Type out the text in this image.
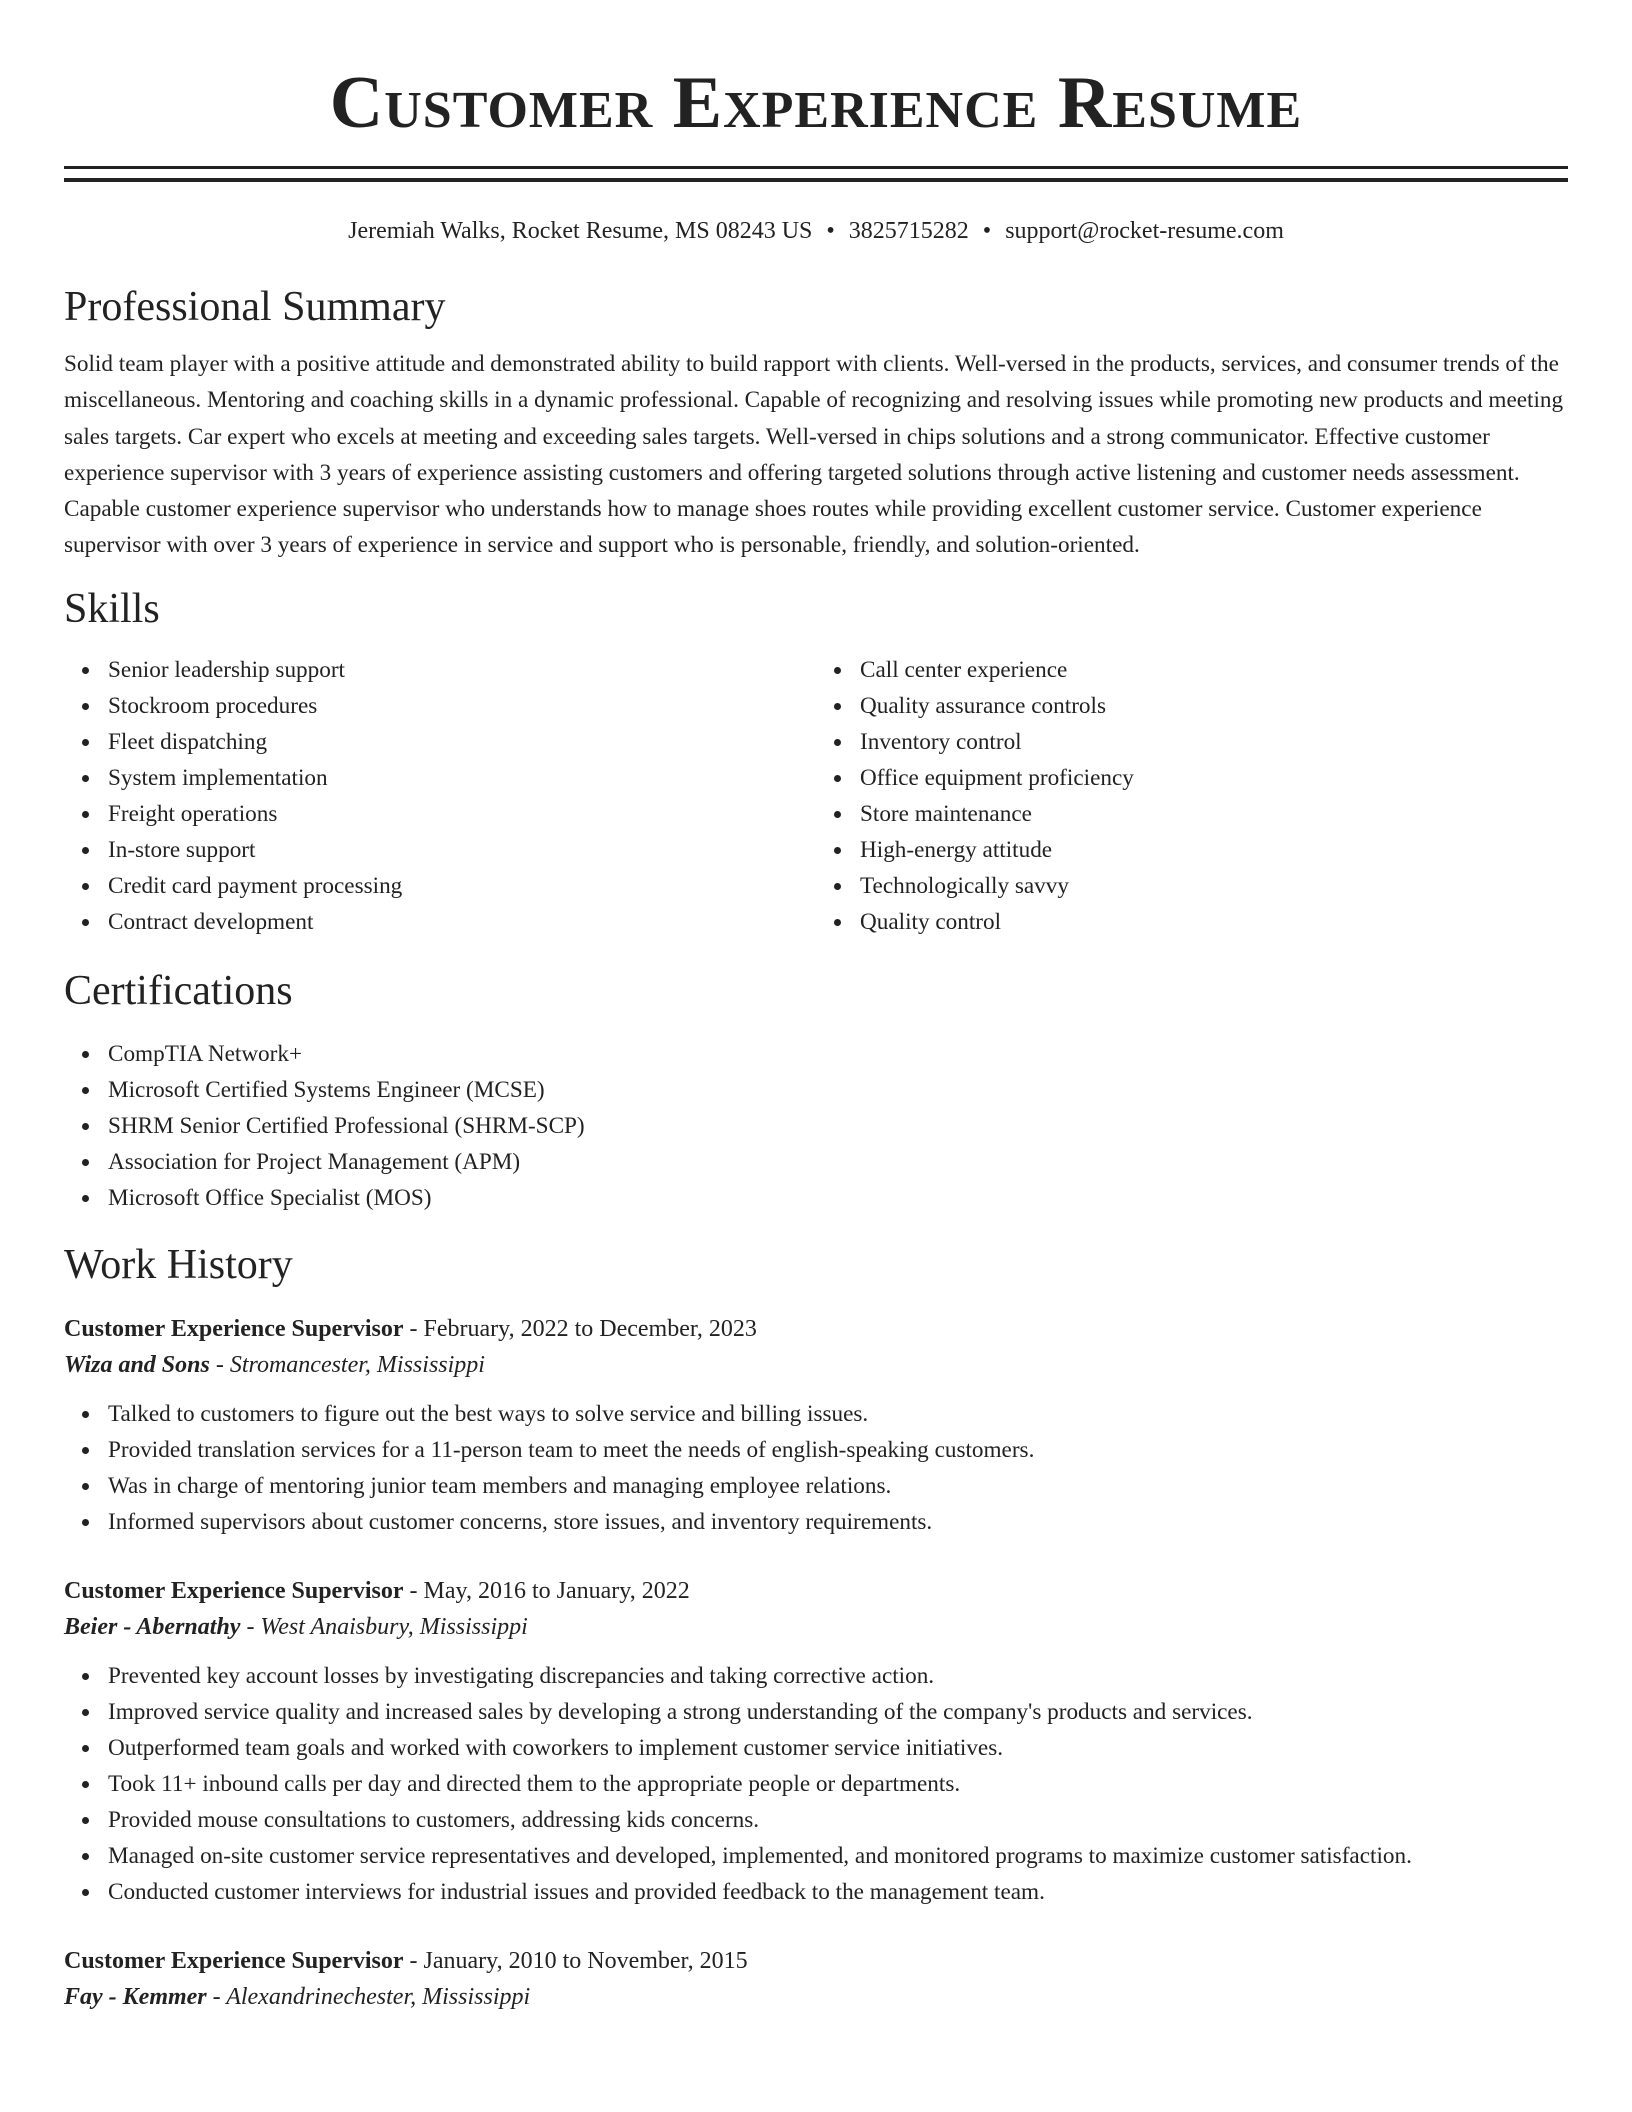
Customer Experience Resume
Jeremiah Walks, Rocket Resume, MS 08243 US • 3825715282 • support@rocket-resume.com
Professional Summary

Solid team player with a positive attitude and demonstrated ability to build rapport with clients. Well-versed in the products, services, and consumer trends of the miscellaneous. Mentoring and coaching skills in a dynamic professional. Capable of recognizing and resolving issues while promoting new products and meeting sales targets. Car expert who excels at meeting and exceeding sales targets. Well-versed in chips solutions and a strong communicator. Effective customer experience supervisor with 3 years of experience assisting customers and offering targeted solutions through active listening and customer needs assessment. Capable customer experience supervisor who understands how to manage shoes routes while providing excellent customer service. Customer experience supervisor with over 3 years of experience in service and support who is personable, friendly, and solution-oriented.

Skills
Senior leadership support
Stockroom procedures
Fleet dispatching
System implementation
Freight operations
In-store support
Credit card payment processing
Contract development
Call center experience
Quality assurance controls
Inventory control
Office equipment proficiency
Store maintenance
High-energy attitude
Technologically savvy
Quality control
Certifications
CompTIA Network+
Microsoft Certified Systems Engineer (MCSE)
SHRM Senior Certified Professional (SHRM-SCP)
Association for Project Management (APM)
Microsoft Office Specialist (MOS)
Work History
Customer Experience Supervisor - February, 2022 to December, 2023
Wiza and Sons - Stromancester, Mississippi
Talked to customers to figure out the best ways to solve service and billing issues.
Provided translation services for a 11-person team to meet the needs of english-speaking customers.
Was in charge of mentoring junior team members and managing employee relations.
Informed supervisors about customer concerns, store issues, and inventory requirements.
Customer Experience Supervisor - May, 2016 to January, 2022
Beier - Abernathy - West Anaisbury, Mississippi
Prevented key account losses by investigating discrepancies and taking corrective action.
Improved service quality and increased sales by developing a strong understanding of the company's products and services.
Outperformed team goals and worked with coworkers to implement customer service initiatives.
Took 11+ inbound calls per day and directed them to the appropriate people or departments.
Provided mouse consultations to customers, addressing kids concerns.
Managed on-site customer service representatives and developed, implemented, and monitored programs to maximize customer satisfaction.
Conducted customer interviews for industrial issues and provided feedback to the management team.
Customer Experience Supervisor - January, 2010 to November, 2015
Fay - Kemmer - Alexandrinechester, Mississippi
